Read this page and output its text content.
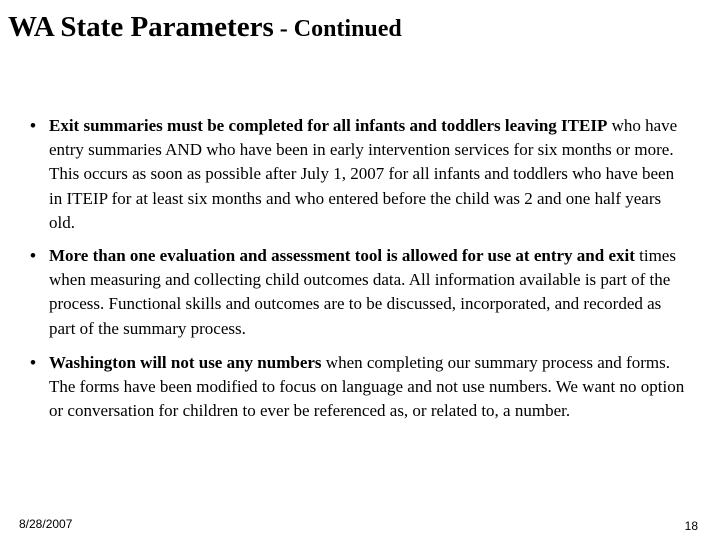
WA State Parameters - Continued
• Exit summaries must be completed for all infants and toddlers leaving ITEIP who have entry summaries AND who have been in early intervention services for six months or more. This occurs as soon as possible after July 1, 2007 for all infants and toddlers who have been in ITEIP for at least six months and who entered before the child was 2 and one half years old.
• More than one evaluation and assessment tool is allowed for use at entry and exit times when measuring and collecting child outcomes data. All information available is part of the process. Functional skills and outcomes are to be discussed, incorporated, and recorded as part of the summary process.
• Washington will not use any numbers when completing our summary process and forms. The forms have been modified to focus on language and not use numbers. We want no option or conversation for children to ever be referenced as, or related to, a number.
8/28/2007	18
